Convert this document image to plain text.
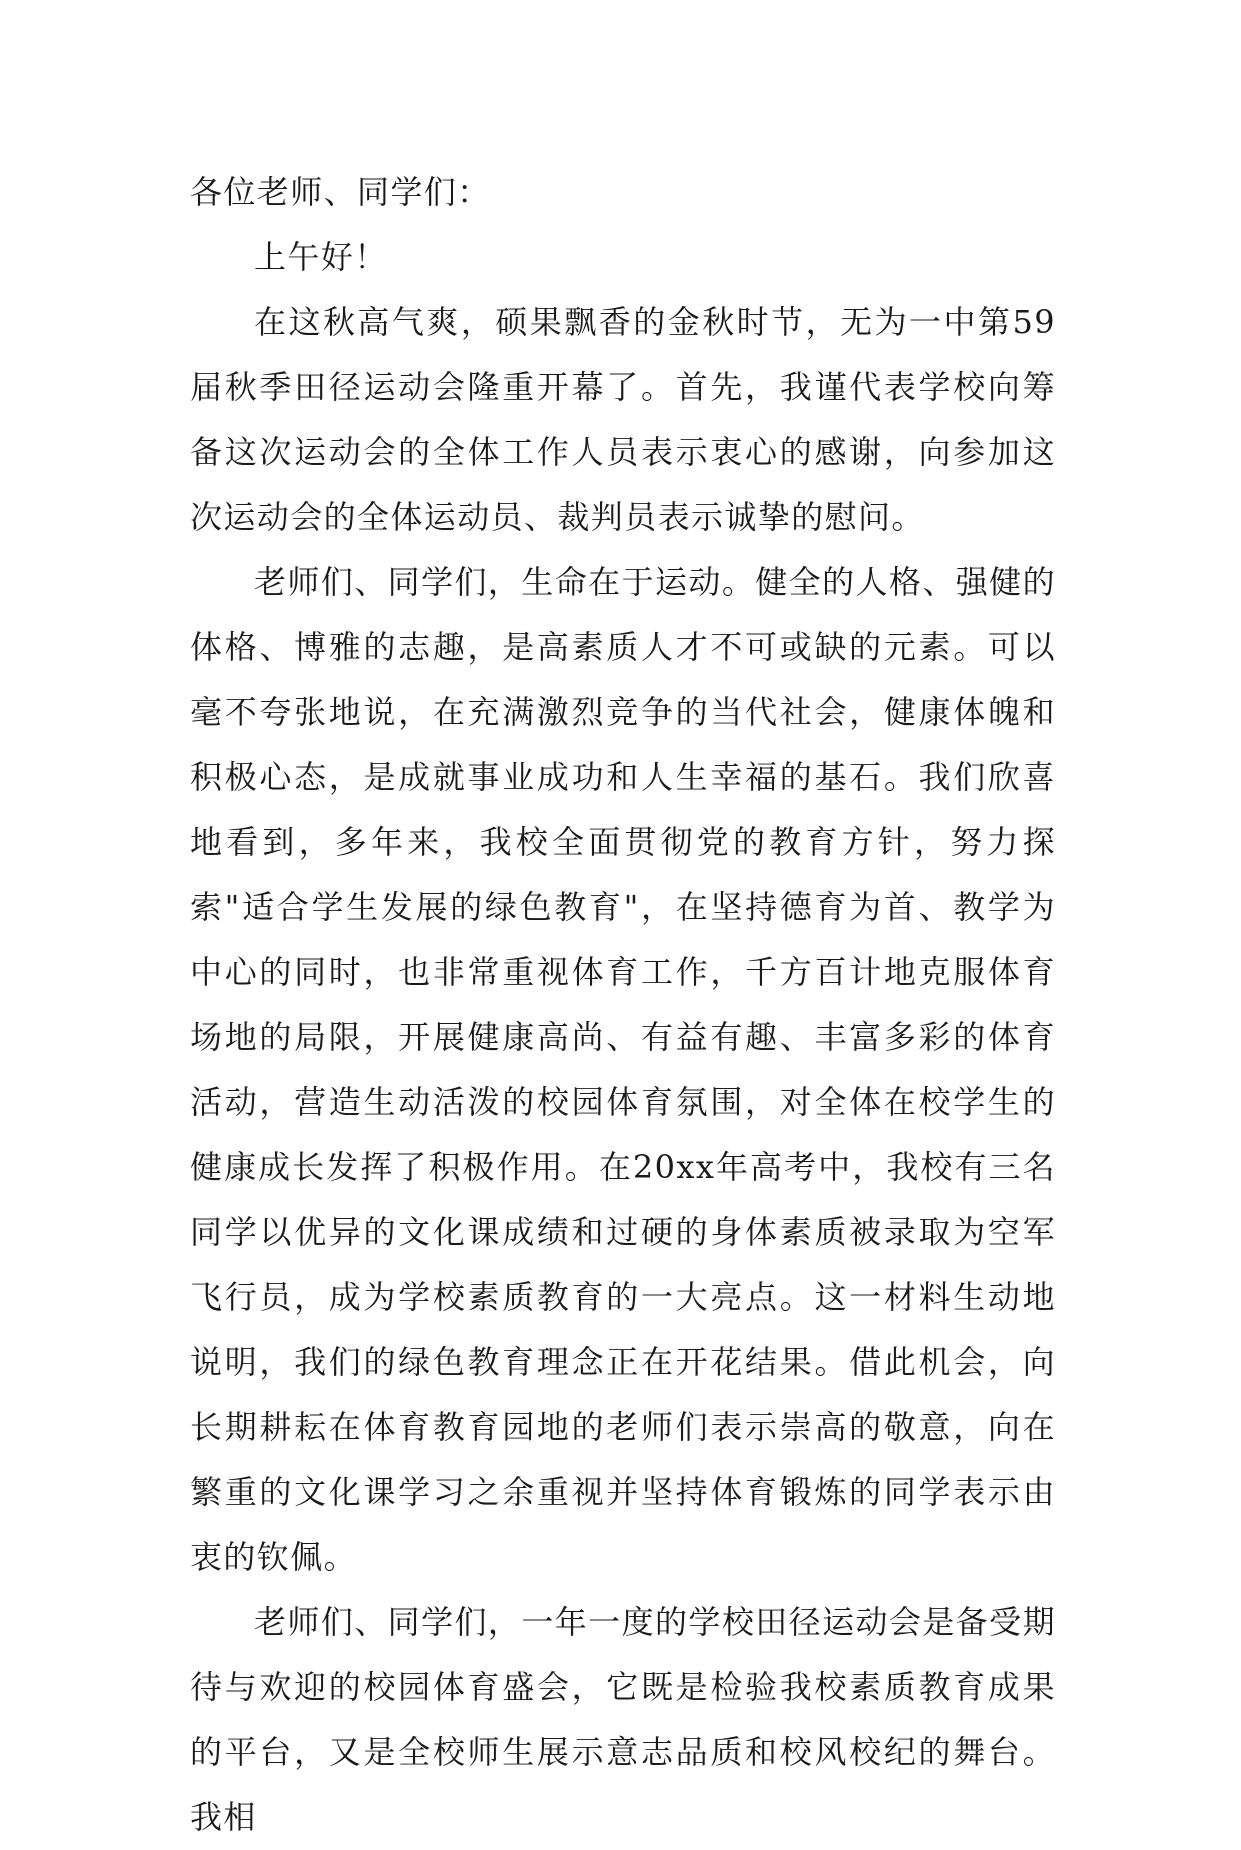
各位老师、同学们：

上午好！

在这秋高气爽，硕果飘香的金秋时节，无为一中第59届秋季田径运动会隆重开幕了。首先，我谨代表学校向筹备这次运动会的全体工作人员表示衷心的感谢，向参加这次运动会的全体运动员、裁判员表示诚挚的慰问。

老师们、同学们，生命在于运动。健全的人格、强健的体格、博雅的志趣，是高素质人才不可或缺的元素。可以毫不夸张地说，在充满激烈竞争的当代社会，健康体魄和积极心态，是成就事业成功和人生幸福的基石。我们欣喜地看到，多年来，我校全面贯彻党的教育方针，努力探索"适合学生发展的绿色教育"，在坚持德育为首、教学为中心的同时，也非常重视体育工作，千方百计地克服体育场地的局限，开展健康高尚、有益有趣、丰富多彩的体育活动，营造生动活泼的校园体育氛围，对全体在校学生的健康成长发挥了积极作用。在20xx年高考中，我校有三名同学以优异的文化课成绩和过硬的身体素质被录取为空军飞行员，成为学校素质教育的一大亮点。这一材料生动地说明，我们的绿色教育理念正在开花结果。借此机会，向长期耕耘在体育教育园地的老师们表示崇高的敬意，向在繁重的文化课学习之余重视并坚持体育锻炼的同学表示由衷的钦佩。

老师们、同学们，一年一度的学校田径运动会是备受期待与欢迎的校园体育盛会，它既是检验我校素质教育成果的平台，又是全校师生展示意志品质和校风校纪的舞台。我相
